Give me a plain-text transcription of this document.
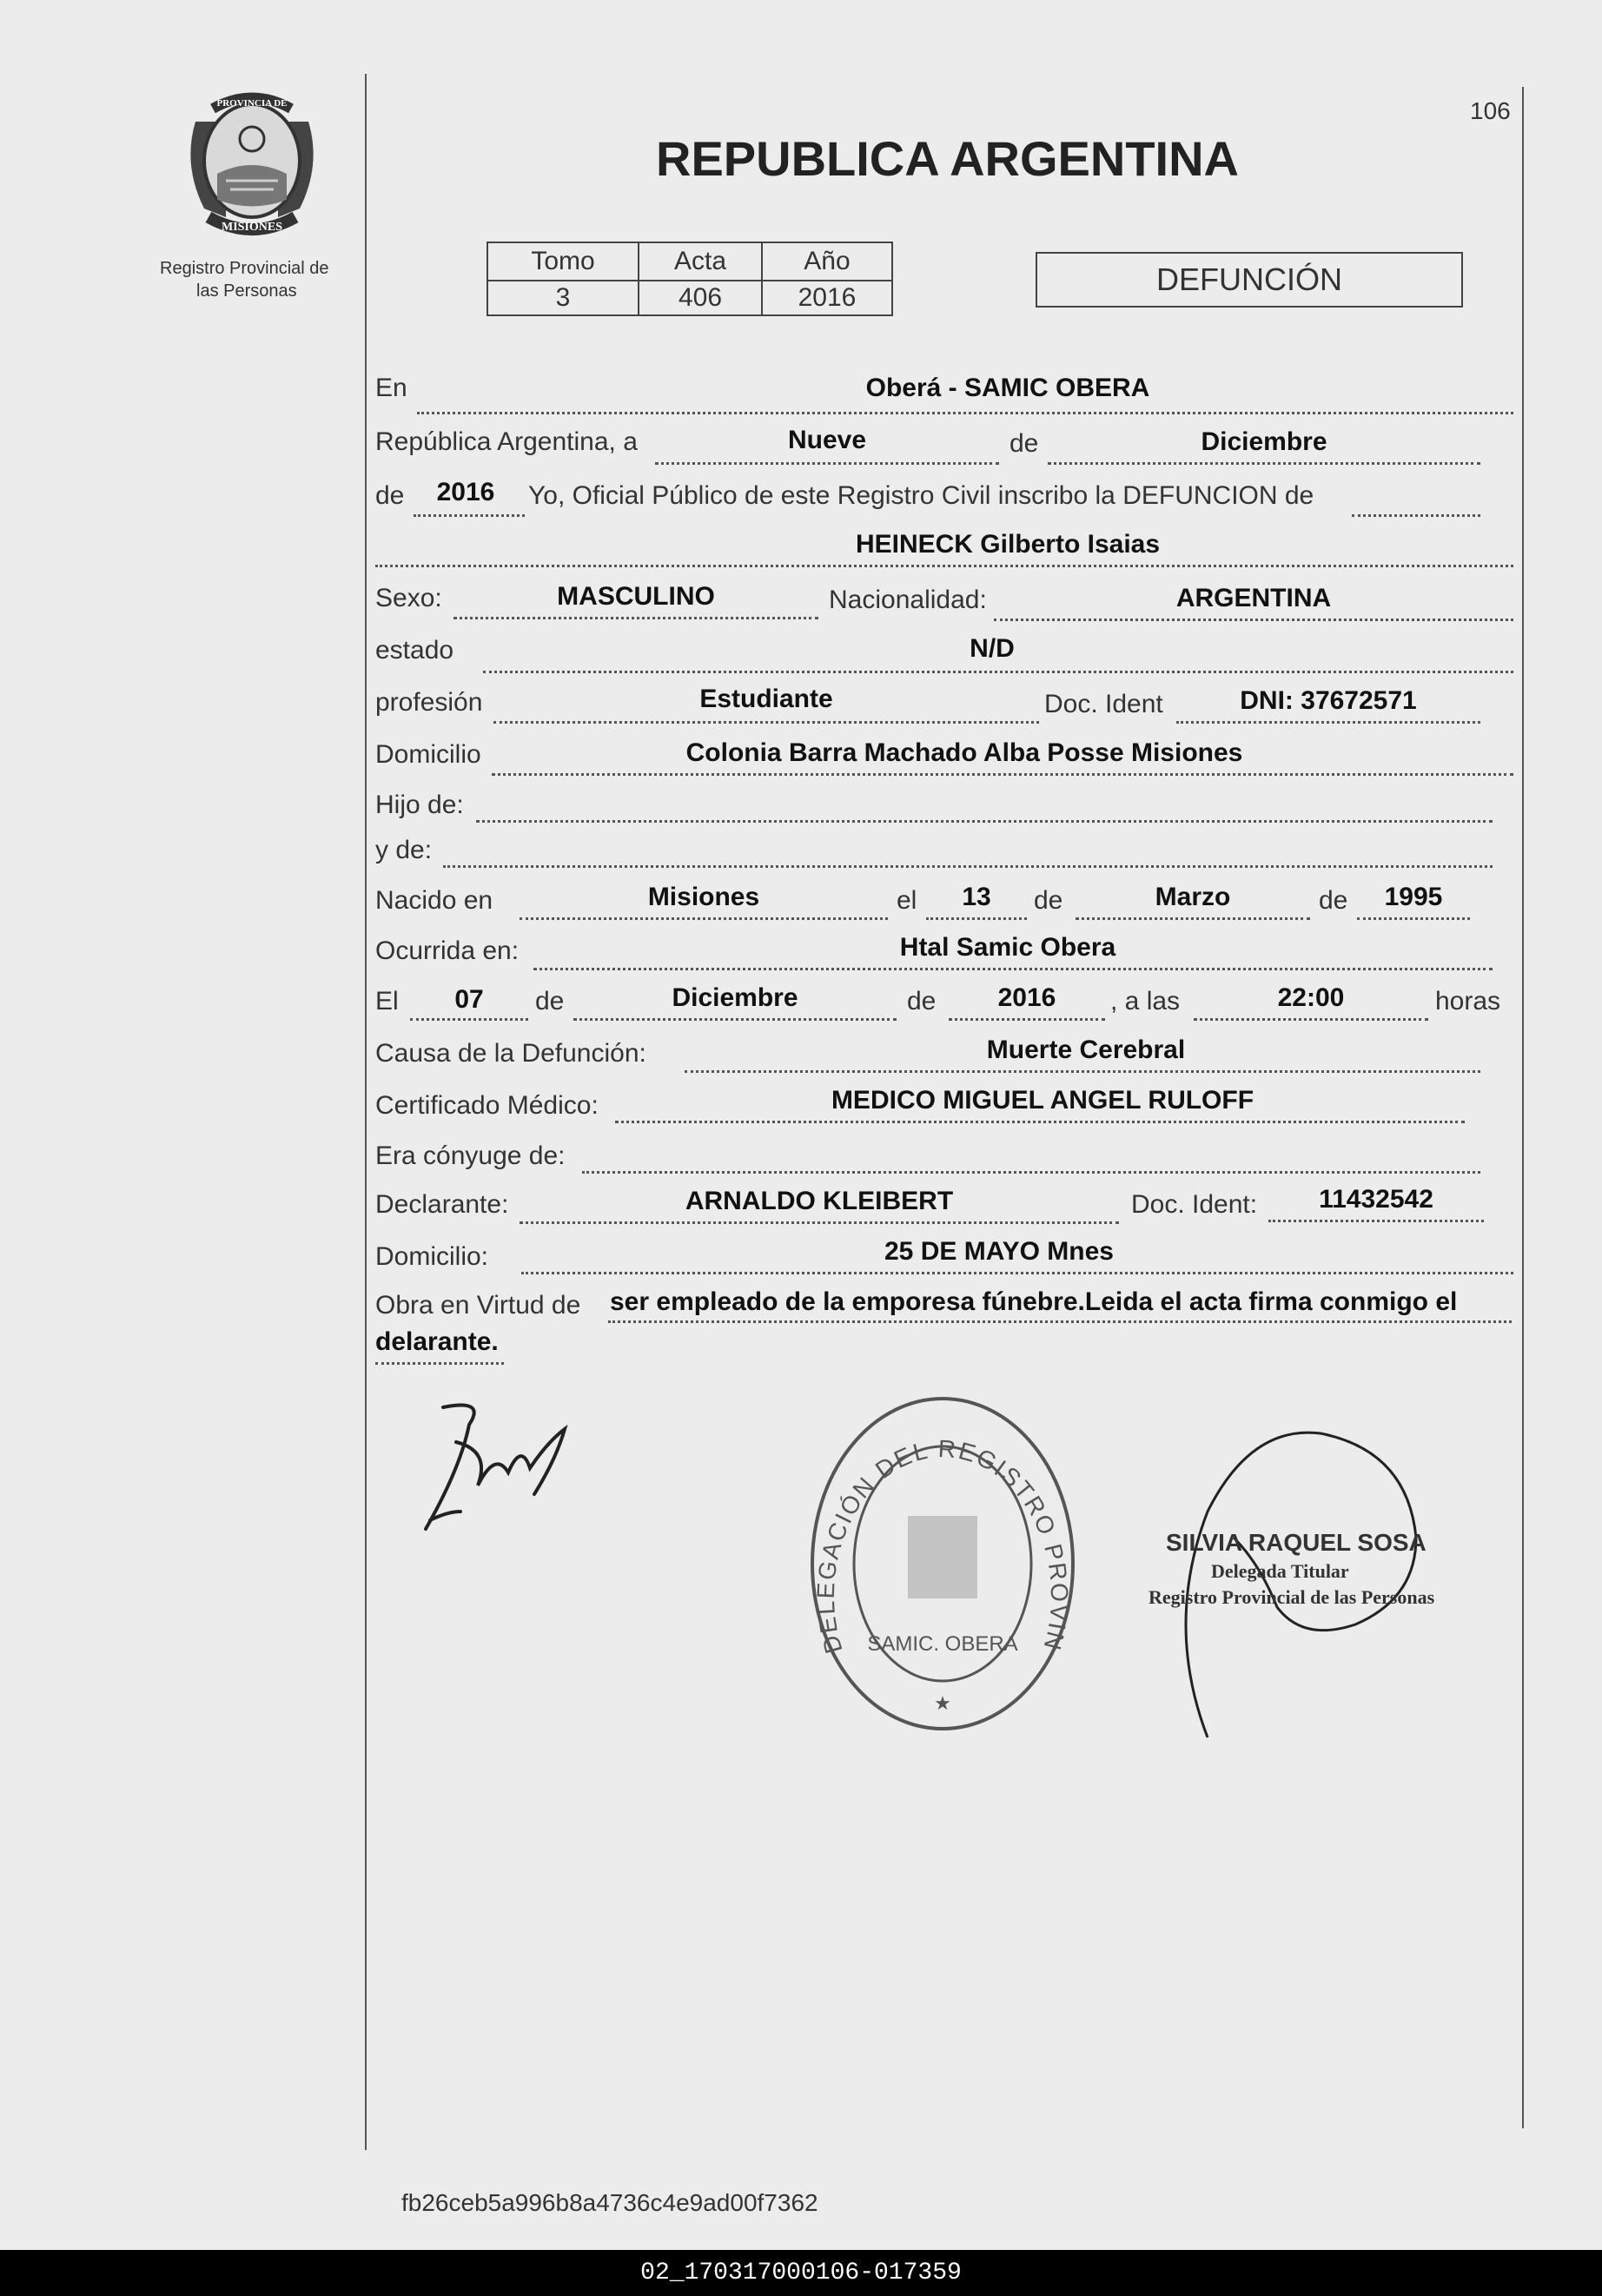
106
PROVINCIA DE
MISIONES
Registro Provincial de
las Personas
REPUBLICA ARGENTINA
Tomo	Acta	Año
3	406	2016
DEFUNCIÓN
En	Oberá - SAMIC OBERA
República Argentina, a	Nueve	de	Diciembre
de	2016	Yo, Oficial Público de este Registro Civil inscribo la DEFUNCION de
HEINECK Gilberto Isaias
Sexo:	MASCULINO	Nacionalidad:	ARGENTINA
estado	N/D
profesión	Estudiante	Doc. Ident	DNI: 37672571
Domicilio	Colonia Barra Machado Alba Posse Misiones
Hijo de:
y de:
Nacido en	Misiones	el	13	de	Marzo	de	1995
Ocurrida en:	Htal Samic Obera
El	07	de	Diciembre	de	2016	, a las	22:00	horas
Causa de la Defunción:	Muerte Cerebral
Certificado Médico:	MEDICO MIGUEL ANGEL RULOFF
Era cónyuge de:
Declarante:	ARNALDO KLEIBERT	Doc. Ident:	11432542
Domicilio:	25 DE MAYO Mnes
Obra en Virtud de ser empleado de la emporesa fúnebre.Leida el acta firma conmigo el
delarante.
DELEGACIÓN DEL REGISTRO PROVIN
SAMIC. OBERA
★
SILVIA RAQUEL SOSA
Delegada Titular
Registro Provincial de las Personas
fb26ceb5a996b8a4736c4e9ad00f7362
02_170317000106-017359
